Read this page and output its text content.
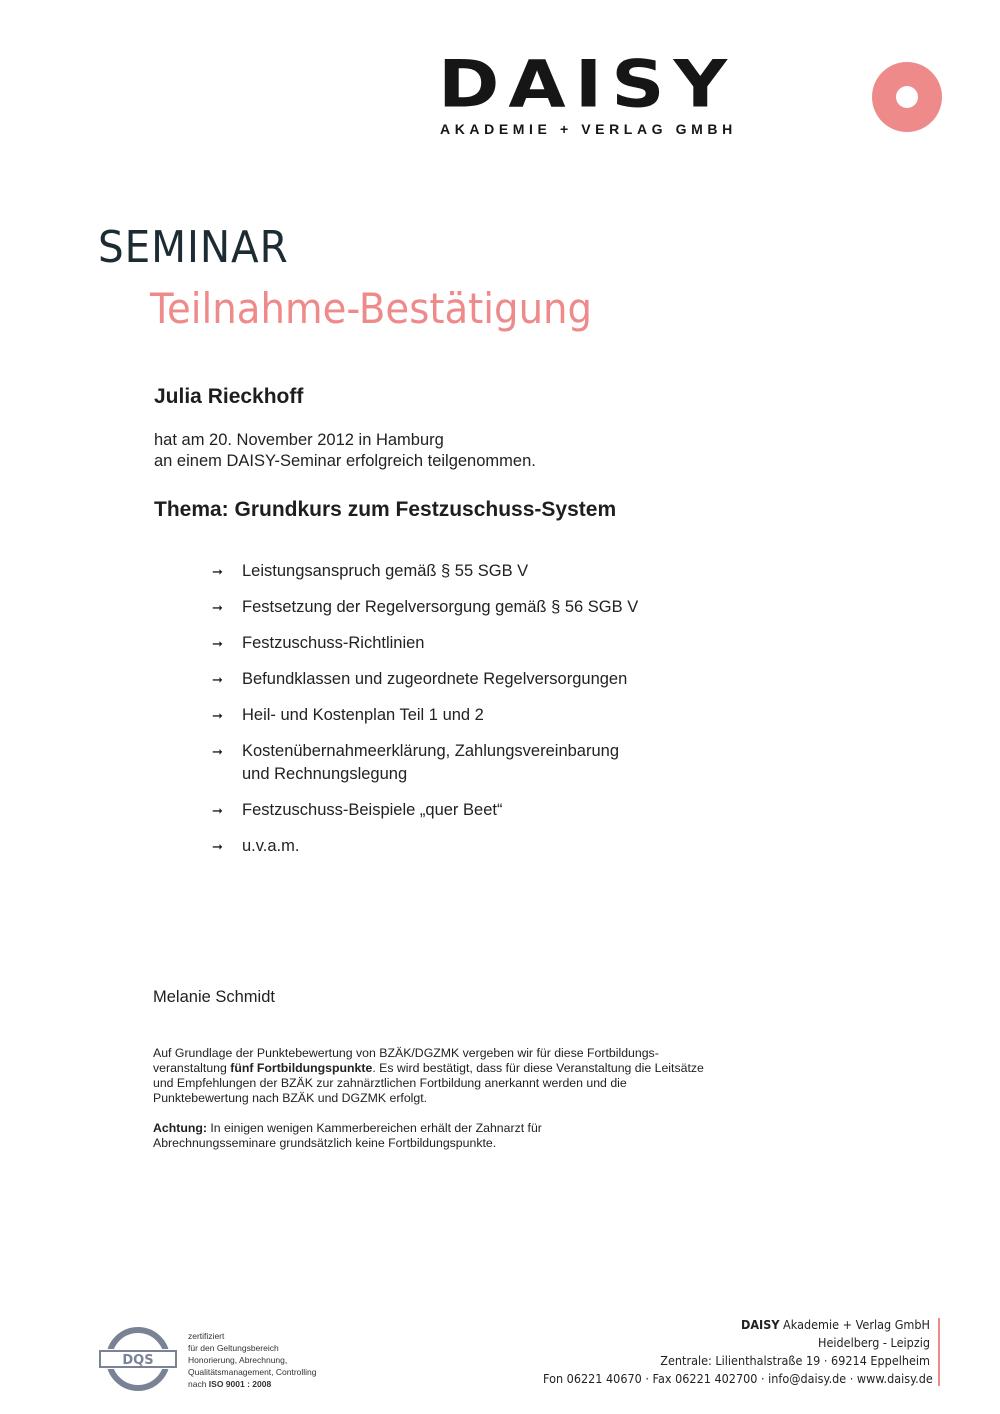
DAISY
AKADEMIE + VERLAG GMBH
SEMINAR
Teilnahme-Bestätigung
Julia Rieckhoff
hat am 20. November 2012 in Hamburg
an einem DAISY-Seminar erfolgreich teilgenommen.
Thema: Grundkurs zum Festzuschuss-System
➞	Leistungsanspruch gemäß § 55 SGB V
➞	Festsetzung der Regelversorgung gemäß § 56 SGB V
➞	Festzuschuss-Richtlinien
➞	Befundklassen und zugeordnete Regelversorgungen
➞	Heil- und Kostenplan Teil 1 und 2
➞	Kostenübernahmeerklärung, Zahlungsvereinbarung und Rechnungslegung
➞	Festzuschuss-Beispiele „quer Beet“
➞	u.v.a.m.
Melanie Schmidt
Auf Grundlage der Punktebewertung von BZÄK/DGZMK vergeben wir für diese Fortbildungs-veranstaltung fünf Fortbildungspunkte. Es wird bestätigt, dass für diese Veranstaltung die Leitsätze und Empfehlungen der BZÄK zur zahnärztlichen Fortbildung anerkannt werden und die Punktebewertung nach BZÄK und DGZMK erfolgt.
Achtung: In einigen wenigen Kammerbereichen erhält der Zahnarzt für Abrechnungsseminare grundsätzlich keine Fortbildungspunkte.
DQS
zertifiziert
für den Geltungsbereich
Honorierung, Abrechnung,
Qualitätsmanagement, Controlling
nach ISO 9001 : 2008
DAISY Akademie + Verlag GmbH
Heidelberg - Leipzig
Zentrale: Lilienthalstraße 19 · 69214 Eppelheim
Fon 06221 40670 · Fax 06221 402700 · info@daisy.de · www.daisy.de
